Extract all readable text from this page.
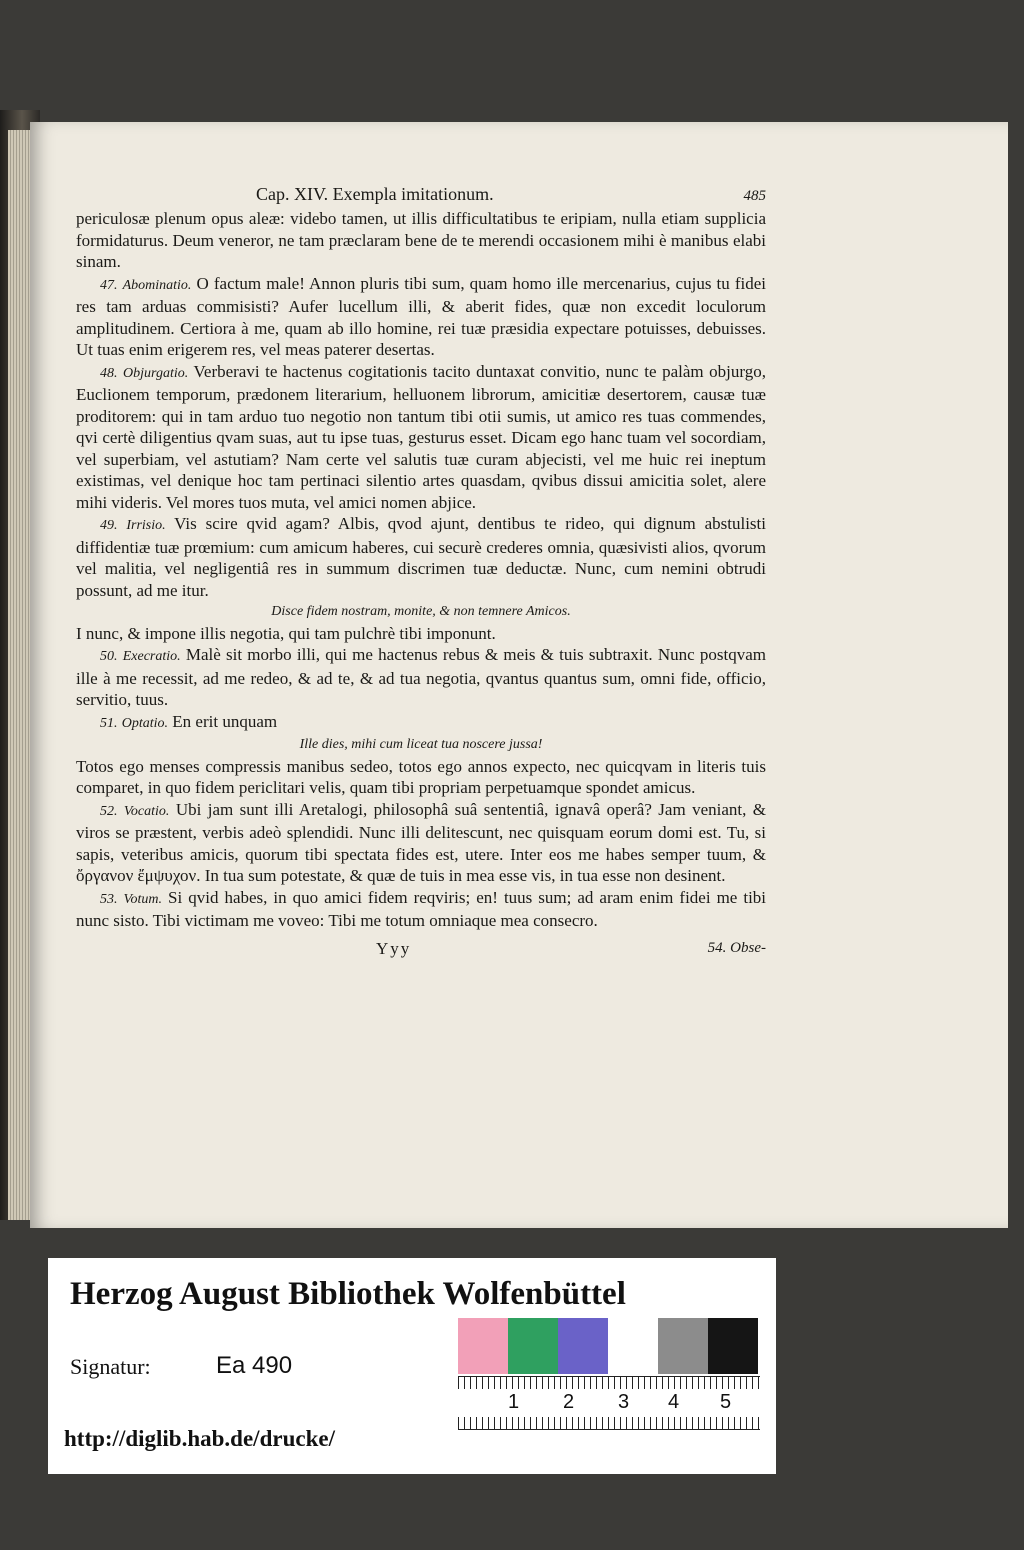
Cap. XIV. Exempla imitationum.	485

periculosæ plenum opus aleæ: videbo tamen, ut illis difficultatibus te eripiam, nulla etiam supplicia formidaturus. Deum veneror, ne tam præclaram bene de te merendi occasionem mihi è manibus elabi sinam.

47. Abominatio. O factum male! Annon pluris tibi sum, quam homo ille mercenarius, cujus tu fidei res tam arduas commisisti? Aufer lucellum illi, & aberit fides, quæ non excedit loculorum amplitudinem. Certiora à me, quam ab illo homine, rei tuæ præsidia expectare potuisses, debuisses. Ut tuas enim erigerem res, vel meas paterer desertas.

48. Objurgatio. Verberavi te hactenus cogitationis tacito duntaxat convitio, nunc te palàm objurgo, Euclionem temporum, prædonem literarium, helluonem librorum, amicitiæ desertorem, causæ tuæ proditorem: qui in tam arduo tuo negotio non tantum tibi otii sumis, ut amico res tuas commendes, qvi certè diligentius qvam suas, aut tu ipse tuas, gesturus esset. Dicam ego hanc tuam vel socordiam, vel superbiam, vel astutiam? Nam certe vel salutis tuæ curam abjecisti, vel me huic rei ineptum existimas, vel denique hoc tam pertinaci silentio artes quasdam, qvibus dissui amicitia solet, alere mihi videris. Vel mores tuos muta, vel amici nomen abjice.

49. Irrisio. Vis scire qvid agam? Albis, qvod ajunt, dentibus te rideo, qui dignum abstulisti diffidentiæ tuæ prœmium: cum amicum haberes, cui securè crederes omnia, quæsivisti alios, qvorum vel malitia, vel negligentiâ res in summum discrimen tuæ deductæ. Nunc, cum nemini obtrudi possunt, ad me itur.

Disce fidem nostram, monite, & non temnere Amicos.

I nunc, & impone illis negotia, qui tam pulchrè tibi imponunt.

50. Execratio. Malè sit morbo illi, qui me hactenus rebus & meis & tuis subtraxit. Nunc postqvam ille à me recessit, ad me redeo, & ad te, & ad tua negotia, qvantus quantus sum, omni fide, officio, servitio, tuus.

51. Optatio. En erit unquam

Ille dies, mihi cum liceat tua noscere jussa!

Totos ego menses compressis manibus sedeo, totos ego annos expecto, nec quicqvam in literis tuis comparet, in quo fidem periclitari velis, quam tibi propriam perpetuamque spondet amicus.

52. Vocatio. Ubi jam sunt illi Aretalogi, philosophâ suâ sententiâ, ignavâ operâ? Jam veniant, & viros se præstent, verbis adeò splendidi. Nunc illi delitescunt, nec quisquam eorum domi est. Tu, si sapis, veteribus amicis, quorum tibi spectata fides est, utere. Inter eos me habes semper tuum, & ὄργανον ἔμψυχον. In tua sum potestate, & quæ de tuis in mea esse vis, in tua esse non desinent.

53. Votum. Si qvid habes, in quo amici fidem reqviris; en! tuus sum; ad aram enim fidei me tibi nunc sisto. Tibi victimam me voveo: Tibi me totum omniaque mea consecro.

Yyy	54. Obse-
Herzog August Bibliothek Wolfenbüttel
Signatur:	Ea 490
1 2 3 4 5
http://diglib.hab.de/drucke/
